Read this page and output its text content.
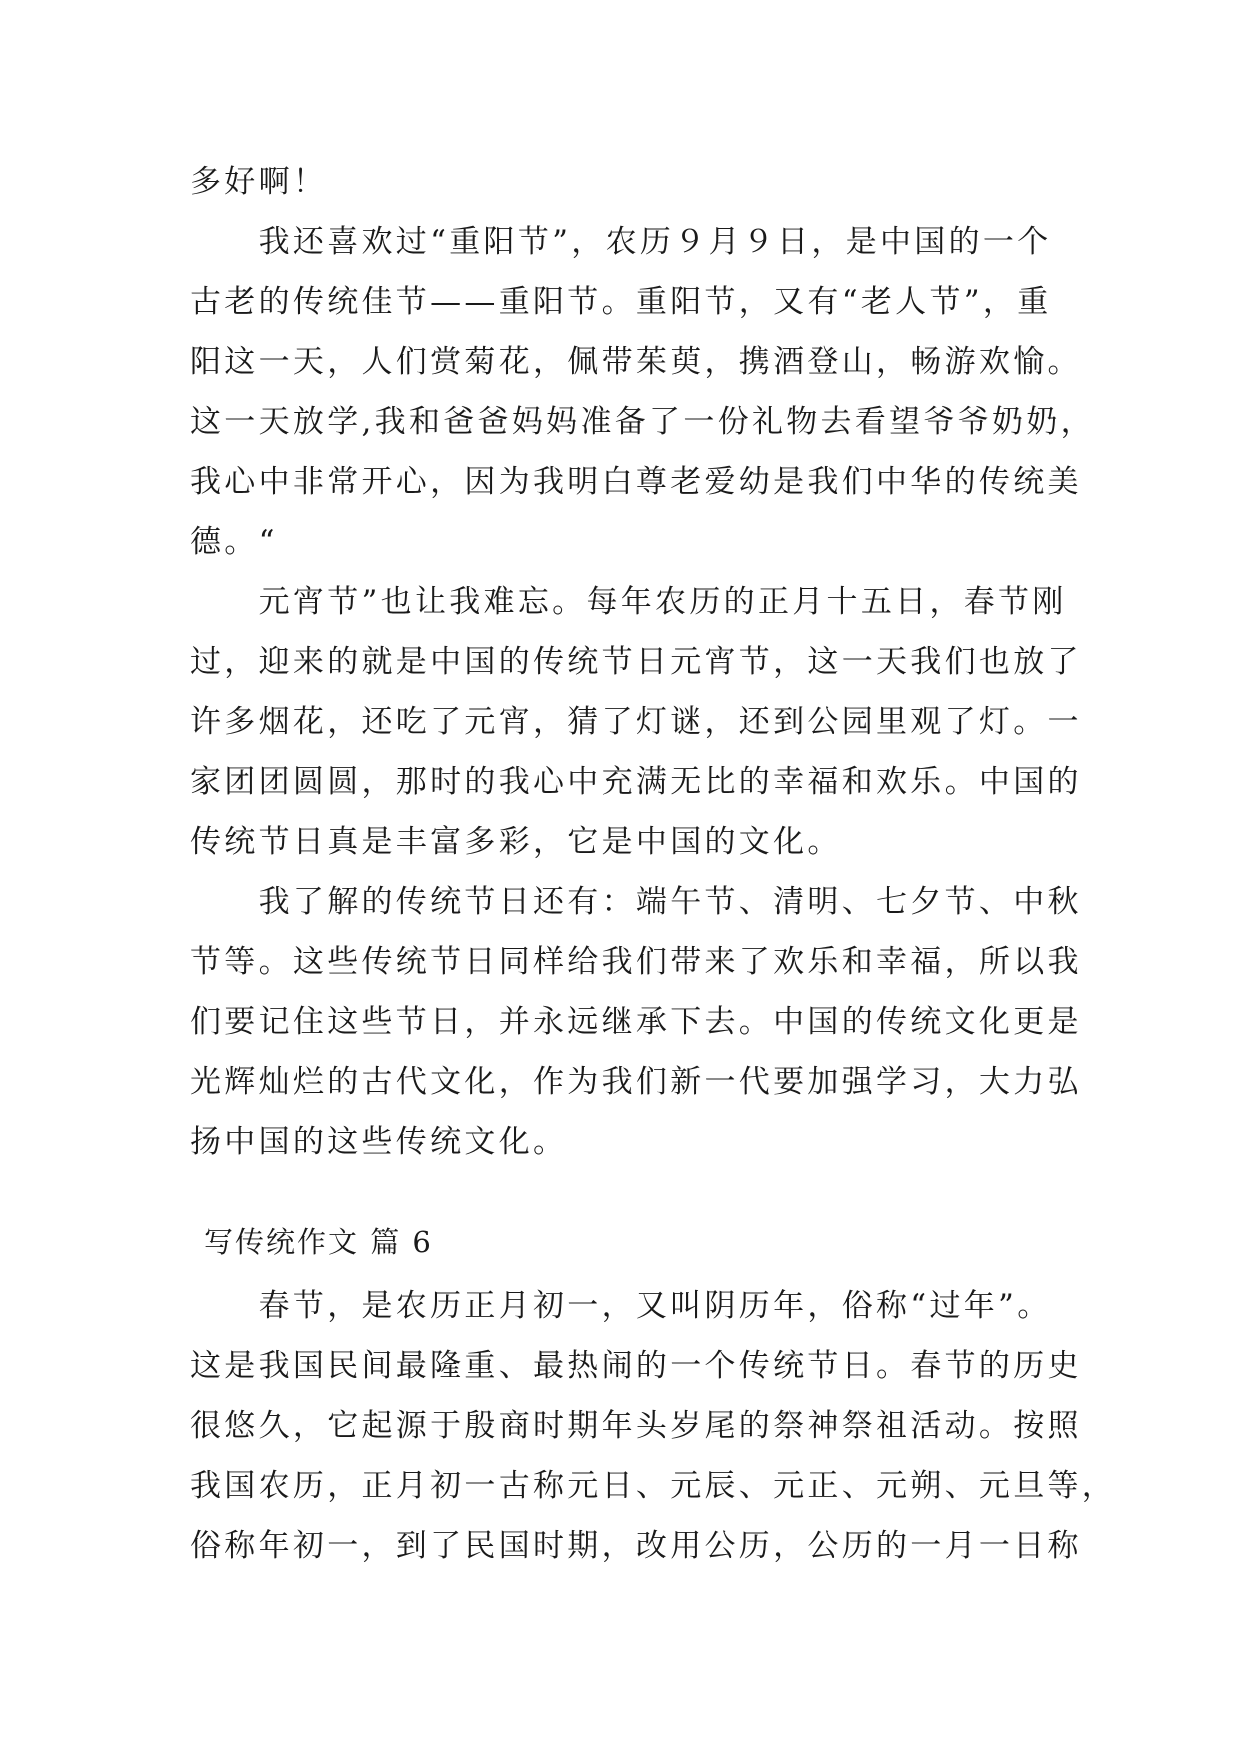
多好啊！
　　我还喜欢过“重阳节”，农历９月９日，是中国的一个
古老的传统佳节——重阳节。重阳节，又有“老人节”，重
阳这一天，人们赏菊花，佩带茱萸，携酒登山，畅游欢愉。
这一天放学,我和爸爸妈妈准备了一份礼物去看望爷爷奶奶，
我心中非常开心，因为我明白尊老爱幼是我们中华的传统美
德。“
　　元宵节”也让我难忘。每年农历的正月十五日，春节刚
过，迎来的就是中国的传统节日元宵节，这一天我们也放了
许多烟花，还吃了元宵，猜了灯谜，还到公园里观了灯。一
家团团圆圆，那时的我心中充满无比的幸福和欢乐。中国的
传统节日真是丰富多彩，它是中国的文化。
　　我了解的传统节日还有：端午节、清明、七夕节、中秋
节等。这些传统节日同样给我们带来了欢乐和幸福，所以我
们要记住这些节日，并永远继承下去。中国的传统文化更是
光辉灿烂的古代文化，作为我们新一代要加强学习，大力弘
扬中国的这些传统文化。
写传统作文 篇 6
　　春节，是农历正月初一，又叫阴历年，俗称“过年”。
这是我国民间最隆重、最热闹的一个传统节日。春节的历史
很悠久，它起源于殷商时期年头岁尾的祭神祭祖活动。按照
我国农历，正月初一古称元日、元辰、元正、元朔、元旦等，
俗称年初一，到了民国时期，改用公历，公历的一月一日称
